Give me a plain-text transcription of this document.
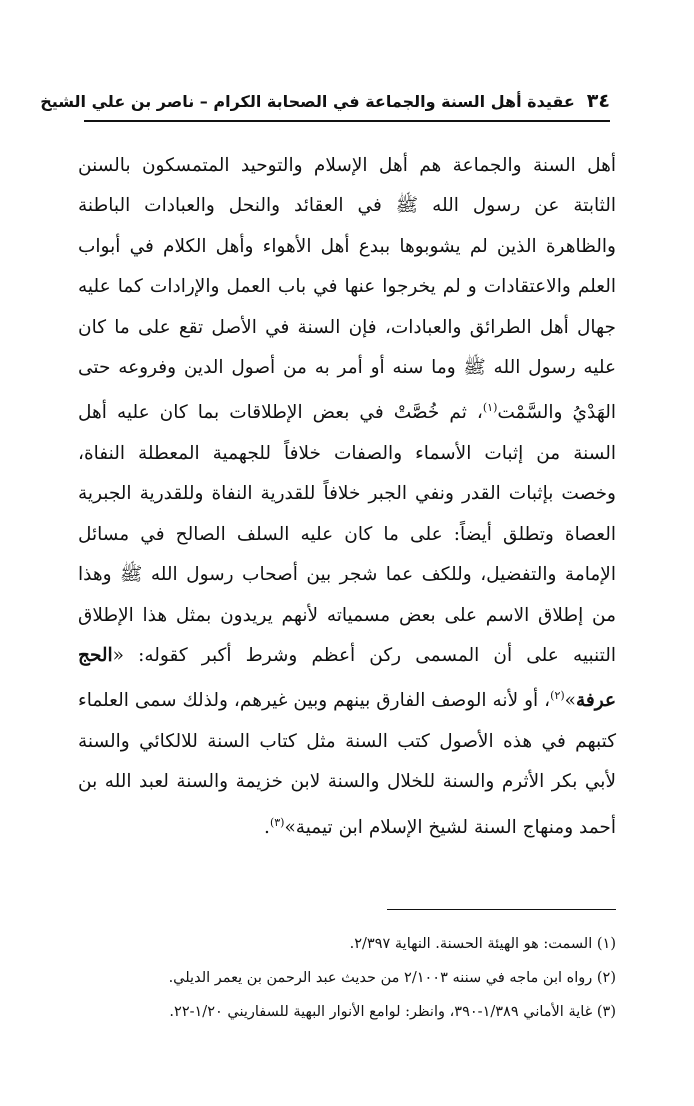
٣٤
عقيدة أهل السنة والجماعة في الصحابة الكرام – ناصر بن علي الشيخ

أهل السنة والجماعة هم أهل الإسلام والتوحيد المتمسكون بالسنن الثابتة عن رسول الله ﷺ في العقائد والنحل والعبادات الباطنة والظاهرة الذين لم يشوبوها ببدع أهل الأهواء وأهل الكلام في أبواب العلم والاعتقادات و لم يخرجوا عنها في باب العمل والإرادات كما عليه جهال أهل الطرائق والعبادات، فإن السنة في الأصل تقع على ما كان عليه رسول الله ﷺ وما سنه أو أمر به من أصول الدين وفروعه حتى الهَدْيُ والسَّمْت$^{(١)}$، ثم خُصَّتْ في بعض الإطلاقات بما كان عليه أهل السنة من إثبات الأسماء والصفات خلافاً للجهمية المعطلة النفاة، وخصت بإثبات القدر ونفي الجبر خلافاً للقدرية النفاة وللقدرية الجبرية العصاة وتطلق أيضاً: على ما كان عليه السلف الصالح في مسائل الإمامة والتفضيل، وللكف عما شجر بين أصحاب رسول الله ﷺ وهذا من إطلاق الاسم على بعض مسمياته لأنهم يريدون بمثل هذا الإطلاق التنبيه على أن المسمى ركن أعظم وشرط أكبر كقوله: «الحج عرفة»$^{(٢)}$، أو لأنه الوصف الفارق بينهم وبين غيرهم، ولذلك سمى العلماء كتبهم في هذه الأصول كتب السنة مثل كتاب السنة للالكائي والسنة لأبي بكر الأثرم والسنة للخلال والسنة لابن خزيمة والسنة لعبد الله بن أحمد ومنهاج السنة لشيخ الإسلام ابن تيمية»$^{(٣)}$.

(١) السمت: هو الهيئة الحسنة. النهاية ٢/٣٩٧.

(٢) رواه ابن ماجه في سننه ٢/١٠٠٣ من حديث عبد الرحمن بن يعمر الديلي.

(٣) غاية الأماني ١/٣٨٩-٣٩٠، وانظر: لوامع الأنوار البهية للسفاريني ١/٢٠-٢٢.
